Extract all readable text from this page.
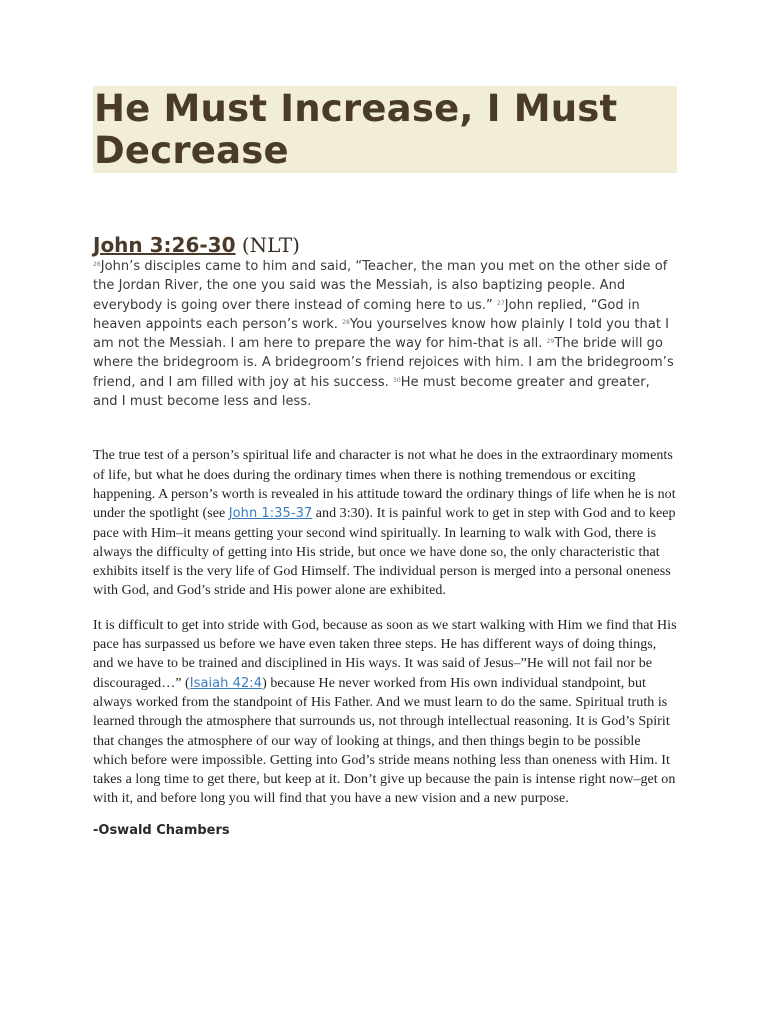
He Must Increase, I Must Decrease
John 3:26-30 (NLT)

$^{26}$John’s disciples came to him and said, “Teacher, the man you met on the other side of the Jordan River, the one you said was the Messiah, is also baptizing people. And everybody is going over there instead of coming here to us.” $^{27}$John replied, “God in heaven appoints each person’s work. $^{28}$You yourselves know how plainly I told you that I am not the Messiah. I am here to prepare the way for him-that is all. $^{29}$The bride will go where the bridegroom is. A bridegroom’s friend rejoices with him. I am the bridegroom’s friend, and I am filled with joy at his success. $^{30}$He must become greater and greater, and I must become less and less.

The true test of a person’s spiritual life and character is not what he does in the extraordinary moments of life, but what he does during the ordinary times when there is nothing tremendous or exciting happening. A person’s worth is revealed in his attitude toward the ordinary things of life when he is not under the spotlight (see John 1:35-37 and 3:30). It is painful work to get in step with God and to keep pace with Him–it means getting your second wind spiritually. In learning to walk with God, there is always the difficulty of getting into His stride, but once we have done so, the only characteristic that exhibits itself is the very life of God Himself. The individual person is merged into a personal oneness with God, and God’s stride and His power alone are exhibited.

It is difficult to get into stride with God, because as soon as we start walking with Him we find that His pace has surpassed us before we have even taken three steps. He has different ways of doing things, and we have to be trained and disciplined in His ways. It was said of Jesus–”He will not fail nor be discouraged…” (Isaiah 42:4) because He never worked from His own individual standpoint, but always worked from the standpoint of His Father. And we must learn to do the same. Spiritual truth is learned through the atmosphere that surrounds us, not through intellectual reasoning. It is God’s Spirit that changes the atmosphere of our way of looking at things, and then things begin to be possible which before were impossible. Getting into God’s stride means nothing less than oneness with Him. It takes a long time to get there, but keep at it. Don’t give up because the pain is intense right now–get on with it, and before long you will find that you have a new vision and a new purpose.

-Oswald Chambers
